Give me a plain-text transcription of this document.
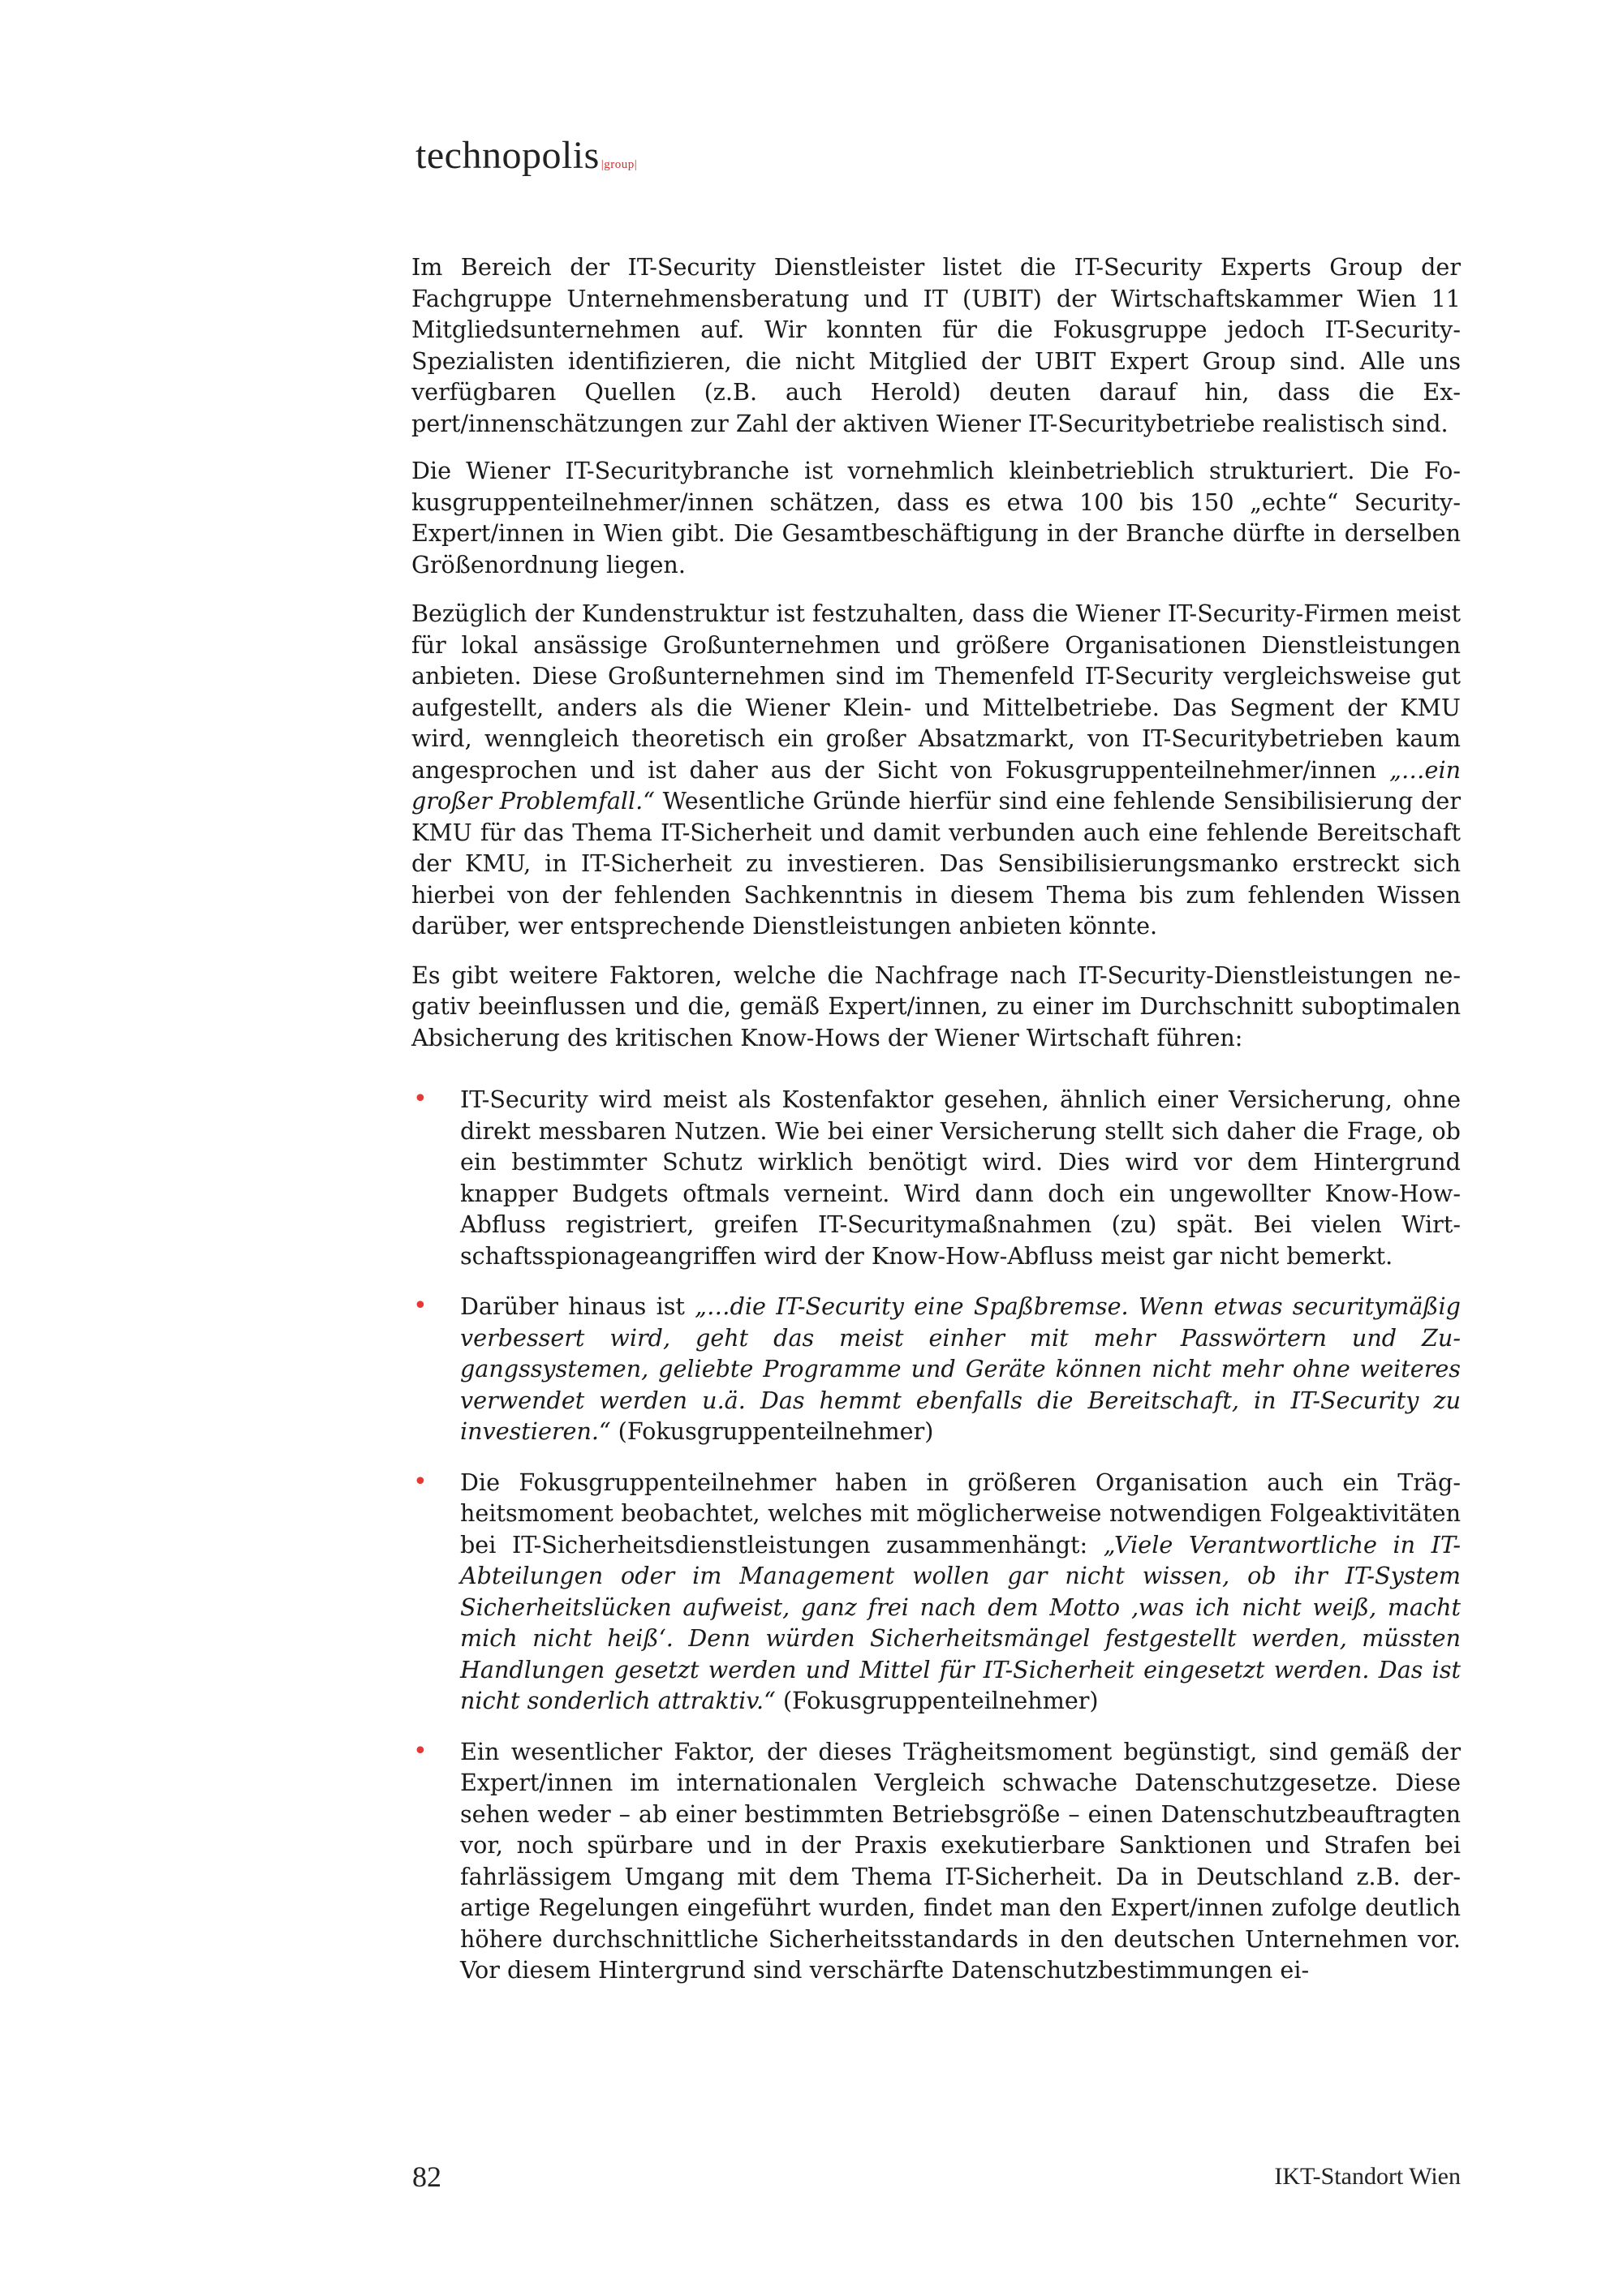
technopolis |group|

Im Bereich der IT-Security Dienstleister listet die IT-Security Experts Group der Fachgruppe Unternehmensberatung und IT (UBIT) der Wirtschaftskammer Wien 11 Mitgliedsunternehmen auf. Wir konnten für die Fokusgruppe jedoch IT-Security-Spezialisten identifizieren, die nicht Mitglied der UBIT Expert Group sind. Alle uns verfügbaren Quellen (z.B. auch Herold) deuten darauf hin, dass die Expert/innenschätzungen zur Zahl der aktiven Wiener IT-Securitybetriebe realistisch sind.

Die Wiener IT-Securitybranche ist vornehmlich kleinbetrieblich strukturiert. Die Fokusgruppenteilnehmer/innen schätzen, dass es etwa 100 bis 150 „echte“ Security-Expert/innen in Wien gibt. Die Gesamtbeschäftigung in der Branche dürfte in derselben Größenordnung liegen.

Bezüglich der Kundenstruktur ist festzuhalten, dass die Wiener IT-Security-Firmen meist für lokal ansässige Großunternehmen und größere Organisationen Dienstleistungen anbieten. Diese Großunternehmen sind im Themenfeld IT-Security vergleichsweise gut aufgestellt, anders als die Wiener Klein- und Mittelbetriebe. Das Segment der KMU wird, wenngleich theoretisch ein großer Absatzmarkt, von IT-Securitybetrieben kaum angesprochen und ist daher aus der Sicht von Fokusgruppenteilnehmer/innen „…ein großer Problemfall.“ Wesentliche Gründe hierfür sind eine fehlende Sensibilisierung der KMU für das Thema IT-Sicherheit und damit verbunden auch eine fehlende Bereitschaft der KMU, in IT-Sicherheit zu investieren. Das Sensibilisierungsmanko erstreckt sich hierbei von der fehlenden Sachkenntnis in diesem Thema bis zum fehlenden Wissen darüber, wer entsprechende Dienstleistungen anbieten könnte.

Es gibt weitere Faktoren, welche die Nachfrage nach IT-Security-Dienstleistungen negativ beeinflussen und die, gemäß Expert/innen, zu einer im Durchschnitt suboptimalen Absicherung des kritischen Know-Hows der Wiener Wirtschaft führen:

• IT-Security wird meist als Kostenfaktor gesehen, ähnlich einer Versicherung, ohne direkt messbaren Nutzen. Wie bei einer Versicherung stellt sich daher die Frage, ob ein bestimmter Schutz wirklich benötigt wird. Dies wird vor dem Hintergrund knapper Budgets oftmals verneint. Wird dann doch ein ungewollter Know-How-Abfluss registriert, greifen IT-Securitymaßnahmen (zu) spät. Bei vielen Wirtschaftsspionageangriffen wird der Know-How-Abfluss meist gar nicht bemerkt.
• Darüber hinaus ist „…die IT-Security eine Spaßbremse. Wenn etwas securitymäßig verbessert wird, geht das meist einher mit mehr Passwörtern und Zugangssystemen, geliebte Programme und Geräte können nicht mehr ohne weiteres verwendet werden u.ä. Das hemmt ebenfalls die Bereitschaft, in IT-Security zu investieren.“ (Fokusgruppenteilnehmer)
• Die Fokusgruppenteilnehmer haben in größeren Organisation auch ein Trägheitsmoment beobachtet, welches mit möglicherweise notwendigen Folgeaktivitäten bei IT-Sicherheitsdienstleistungen zusammenhängt: „Viele Verantwortliche in IT-Abteilungen oder im Management wollen gar nicht wissen, ob ihr IT-System Sicherheitslücken aufweist, ganz frei nach dem Motto ‚was ich nicht weiß, macht mich nicht heiß‘. Denn würden Sicherheitsmängel festgestellt werden, müssten Handlungen gesetzt werden und Mittel für IT-Sicherheit eingesetzt werden. Das ist nicht sonderlich attraktiv.“ (Fokusgruppenteilnehmer)
• Ein wesentlicher Faktor, der dieses Trägheitsmoment begünstigt, sind gemäß der Expert/innen im internationalen Vergleich schwache Datenschutzgesetze. Diese sehen weder – ab einer bestimmten Betriebsgröße – einen Datenschutzbeauftragten vor, noch spürbare und in der Praxis exekutierbare Sanktionen und Strafen bei fahrlässigem Umgang mit dem Thema IT-Sicherheit. Da in Deutschland z.B. derartige Regelungen eingeführt wurden, findet man den Expert/innen zufolge deutlich höhere durchschnittliche Sicherheitsstandards in den deutschen Unternehmen vor. Vor diesem Hintergrund sind verschärfte Datenschutzbestimmungen ei-
82	IKT-Standort Wien
